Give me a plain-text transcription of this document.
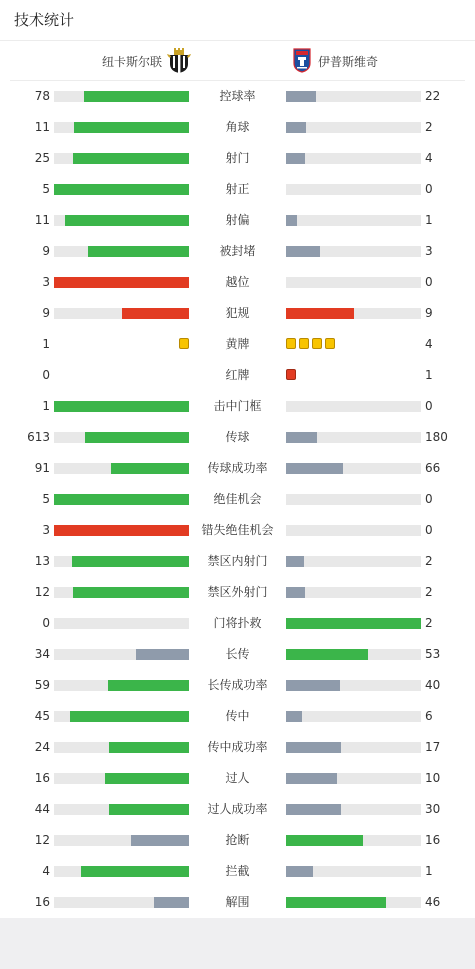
技术统计
纽卡斯尔联	伊普斯维奇
78	控球率	22
11	角球	2
25	射门	4
5	射正	0
11	射偏	1
9	被封堵	3
3	越位	0
9	犯规	9
1	黄牌	4
0	红牌	1
1	击中门框	0
613	传球	180
91	传球成功率	66
5	绝佳机会	0
3	错失绝佳机会	0
13	禁区内射门	2
12	禁区外射门	2
0	门将扑救	2
34	长传	53
59	长传成功率	40
45	传中	6
24	传中成功率	17
16	过人	10
44	过人成功率	30
12	抢断	16
4	拦截	1
16	解围	46
